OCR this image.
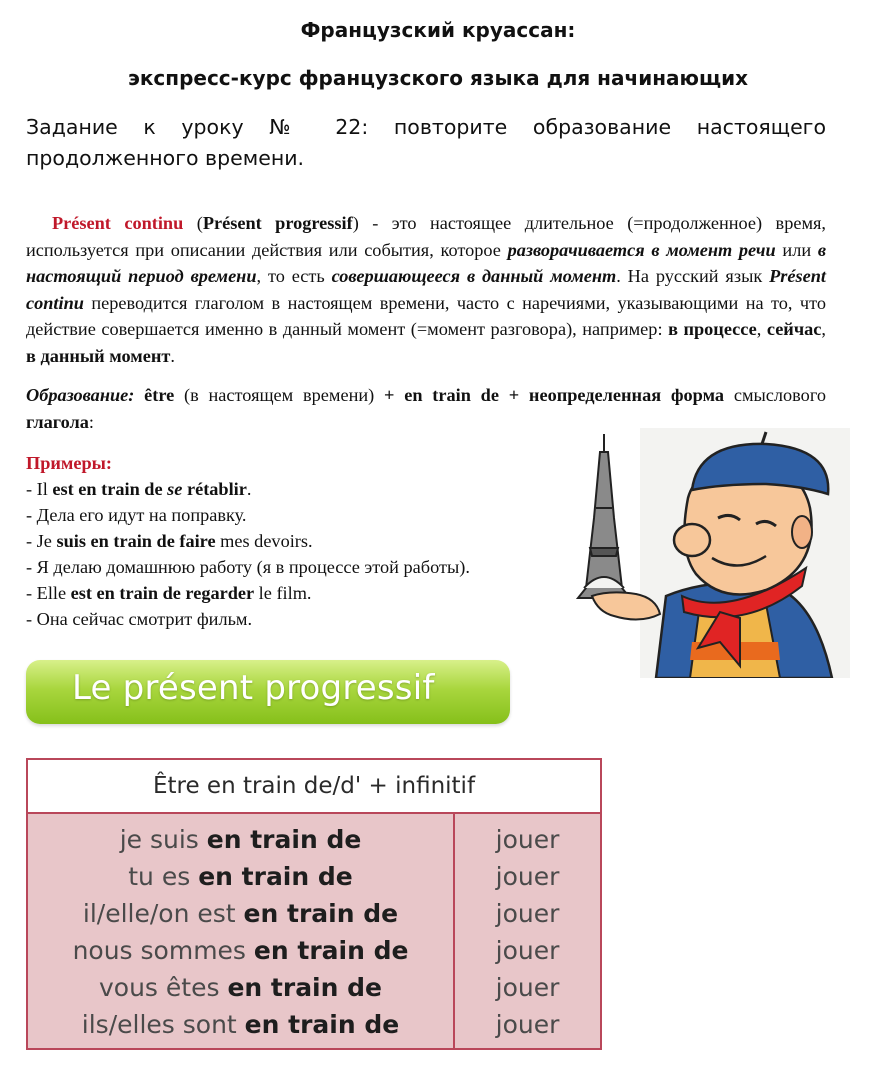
Французский круассан:
экспресс-курс французского языка для начинающих
Задание к уроку № 22: повторите образование настоящего продолженного времени.
Présent continu (Présent progressif) - это настоящее длительное (=продолженное) время, используется при описании действия или события, которое разворачивается в момент речи или в настоящий период времени, то есть совершающееся в данный момент. На русский язык Présent continu переводится глаголом в настоящем времени, часто с наречиями, указывающими на то, что действие совершается именно в данный момент (=момент разговора), например: в процессе, сейчас, в данный момент.
Образование: être (в настоящем времени) + en train de + неопределенная форма смыслового глагола:
Примеры:
- Il est en train de se rétablir.
- Дела его идут на поправку.
- Je suis en train de faire mes devoirs.
- Я делаю домашнюю работу (я в процессе этой работы).
- Elle est en train de regarder le film.
- Она сейчас смотрит фильм.
Le présent progressif
Être en train de/d' + infinitif
je suis en train de	jouer
tu es en train de	jouer
il/elle/on est en train de	jouer
nous sommes en train de	jouer
vous êtes en train de	jouer
ils/elles sont en train de	jouer
